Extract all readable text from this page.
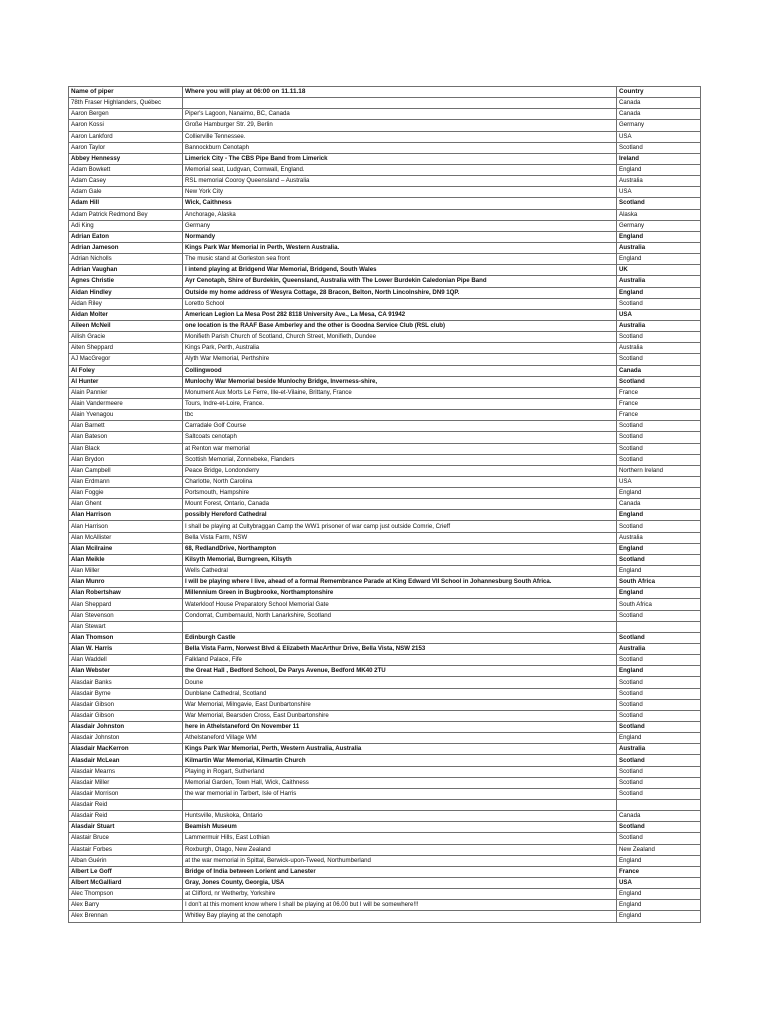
Name of piper	Where you will play at 06:00 on 11.11.18	Country
78th Fraser Highlanders, Québec		Canada
Aaron Bergen	Piper's Lagoon, Nanaimo, BC, Canada	Canada
Aaron Kossi	Große Hamburger Str. 29, Berlin	Germany
Aaron Lankford	Collierville Tennessee.	USA
Aaron Taylor	Bannockburn Cenotaph	Scotland
Abbey Hennessy	Limerick City - The CBS Pipe Band from Limerick	Ireland
Adam Bowkett	Memorial seat, Ludgvan, Cornwall, England.	England
Adam Casey	RSL memorial Cooroy Queensland – Australia	Australia
Adam Gale	New York City	USA
Adam Hill	Wick, Caithness	Scotland
Adam Patrick Redmond Bey	Anchorage, Alaska	Alaska
Adi King	Germany	Germany
Adrian Eaton	Normandy	England
Adrian Jameson	Kings Park War Memorial in Perth, Western Australia.	Australia
Adrian Nicholls	The music stand at Gorleston sea front	England
Adrian Vaughan	I intend playing at Bridgend War Memorial, Bridgend, South Wales	UK
Agnes Christie	Ayr Cenotaph, Shire of Burdekin, Queensland, Australia with The Lower Burdekin Caledonian Pipe Band	Australia
Aidan Hindley	Outside my home address of Wesyra Cottage, 28 Bracon, Belton, North Lincolnshire, DN9 1QP.	England
Aidan Riley	Loretto School	Scotland
Aidan Molter	American Legion La Mesa Post 282 8118 University Ave., La Mesa, CA 91942	USA
Aileen McNeil	one location is the RAAF Base Amberley and the other is Goodna Service Club (RSL club)	Australia
Ailish Gracie	Monifieth Parish Church of Scotland, Church Street, Monifieth, Dundee	Scotland
Aiten Sheppard	Kings Park, Perth, Australia	Australia
AJ MacGregor	Alyth War Memorial, Perthshire	Scotland
Al Foley	Collingwood	Canada
Al Hunter	Munlochy War Memorial beside Munlochy Bridge, Inverness-shire,	Scotland
Alain Pannier	Monument Aux Morts Le Ferre, Ille-et-Vilaine, Brittany, France	France
Alain Vandermeere	Tours, Indre-et-Loire, France.	France
Alain Yvenagou	tbc	France
Alan Barnett	Carradale Golf Course	Scotland
Alan Bateson	Saltcoats cenotaph	Scotland
Alan Black	at Renton war memorial	Scotland
Alan Brydon	Scottish Memorial, Zonnebeke, Flanders	Scotland
Alan Campbell	Peace Bridge, Londonderry	Northern Ireland
Alan Erdmann	Charlotte, North Carolina	USA
Alan Foggie	Portsmouth, Hampshire	England
Alan Ghent	Mount Forest, Ontario, Canada	Canada
Alan Harrison	possibly Hereford Cathedral	England
Alan Harrison	I shall be playing at Cultybraggan Camp the WW1 prisoner of war camp just outside Comrie, Crieff	Scotland
Alan McAllister	Bella Vista Farm, NSW	Australia
Alan Mcilraine	68, RedlandDrive, Northampton	England
Alan Meikle	Kilsyth Memorial, Burngreen, Kilsyth	Scotland
Alan Miller	Wells Cathedral	England
Alan Munro	I will be playing where I live, ahead of a formal Remembrance Parade at King Edward VII School in Johannesburg South Africa.	South Africa
Alan Robertshaw	Millennium Green in Bugbrooke, Northamptonshire	England
Alan Sheppard	Waterkloof House Preparatory School Memorial Gate	South Africa
Alan Stevenson	Condorrat, Cumbernauld, North Lanarkshire, Scotland	Scotland
Alan Stewart		
Alan Thomson	Edinburgh Castle	Scotland
Alan W. Harris	Bella Vista Farm, Norwest Blvd & Elizabeth MacArthur Drive, Bella Vista, NSW 2153	Australia
Alan Waddell	Falkland Palace, Fife	Scotland
Alan Webster	the Great Hall , Bedford School, De Parys Avenue, Bedford MK40 2TU	England
Alasdair Banks	Doune	Scotland
Alasdair Byrne	Dunblane Cathedral, Scotland	Scotland
Alasdair Gibson	War Memorial, Milngavie, East Dunbartonshire	Scotland
Alasdair Gibson	War Memorial, Bearsden Cross, East Dunbartonshire	Scotland
Alasdair Johnston	here in Athelstaneford On November 11	Scotland
Alasdair Johnston	Athelstaneford Village WM	England
Alasdair MacKerron	Kings Park War Memorial, Perth, Western Australia, Australia	Australia
Alasdair McLean	Kilmartin War Memorial, Kilmartin Church	Scotland
Alasdair Mearns	Playing in Rogart, Sutherland	Scotland
Alasdair Miller	Memorial Garden, Town Hall, Wick, Caithness	Scotland
Alasdair Morrison	the war memorial in Tarbert, Isle of Harris	Scotland
Alasdair Reid		
Alasdair Reid	Huntsville, Muskoka, Ontario	Canada
Alasdair Stuart	Beamish Museum	Scotland
Alastair Bruce	Lammermuir Hills, East Lothian	Scotland
Alastair Forbes	Roxburgh, Otago, New Zealand	New Zealand
Alban Guérin	at the war memorial in Spittal, Berwick-upon-Tweed, Northumberland	England
Albert Le Goff	Bridge of India between Lorient and Lanester	France
Albert McGalliard	Gray, Jones County, Georgia, USA	USA
Alec Thompson	at Clifford, nr Wetherby, Yorkshire	England
Alex Barry	I don't at this moment know where I shall be playing at 06.00 but I will be somewhere!!!	England
Alex Brennan	Whitley Bay playing at the cenotaph	England
